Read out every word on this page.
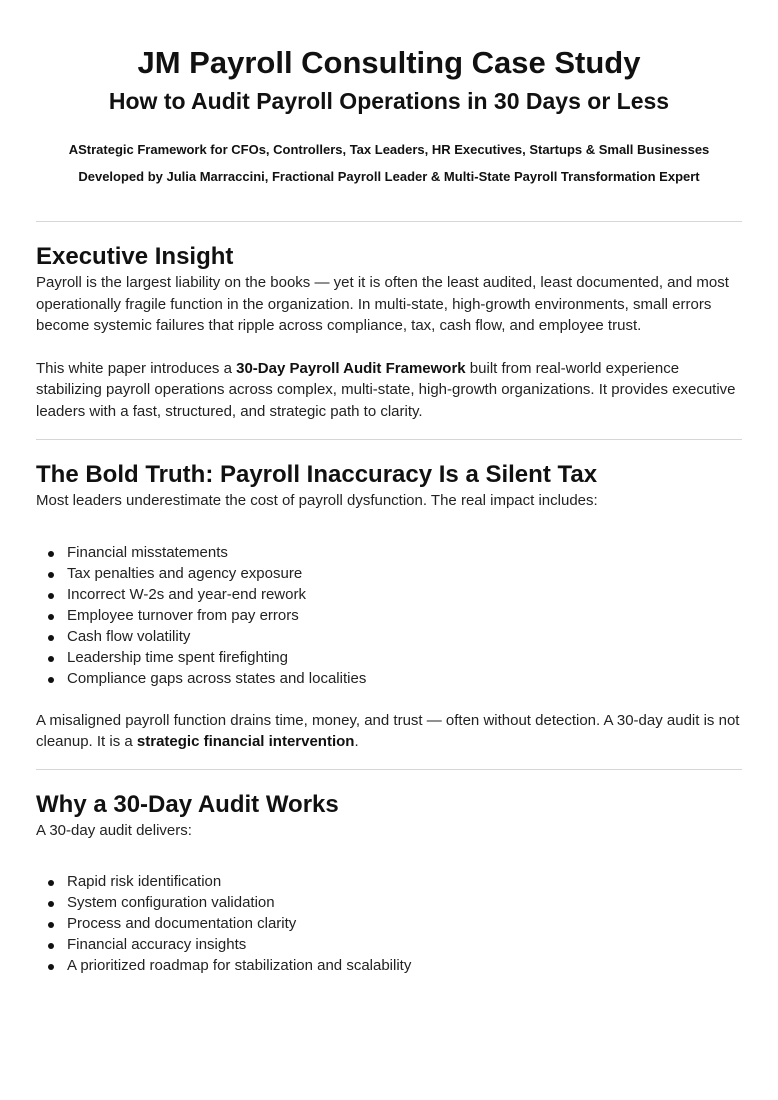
JM Payroll Consulting Case Study
How to Audit Payroll Operations in 30 Days or Less

AStrategic Framework for CFOs, Controllers, Tax Leaders, HR Executives, Startups & Small Businesses

Developed by Julia Marraccini, Fractional Payroll Leader & Multi-State Payroll Transformation Expert

Executive Insight

Payroll is the largest liability on the books — yet it is often the least audited, least documented, and most operationally fragile function in the organization. In multi-state, high-growth environments, small errors become systemic failures that ripple across compliance, tax, cash flow, and employee trust.

This white paper introduces a 30-Day Payroll Audit Framework built from real-world experience stabilizing payroll operations across complex, multi-state, high-growth organizations. It provides executive leaders with a fast, structured, and strategic path to clarity.

The Bold Truth: Payroll Inaccuracy Is a Silent Tax

Most leaders underestimate the cost of payroll dysfunction. The real impact includes:

Financial misstatements
Tax penalties and agency exposure
Incorrect W-2s and year-end rework
Employee turnover from pay errors
Cash flow volatility
Leadership time spent firefighting
Compliance gaps across states and localities

A misaligned payroll function drains time, money, and trust — often without detection. A 30-day audit is not cleanup. It is a strategic financial intervention.

Why a 30-Day Audit Works

A 30-day audit delivers:

Rapid risk identification
System configuration validation
Process and documentation clarity
Financial accuracy insights
A prioritized roadmap for stabilization and scalability
